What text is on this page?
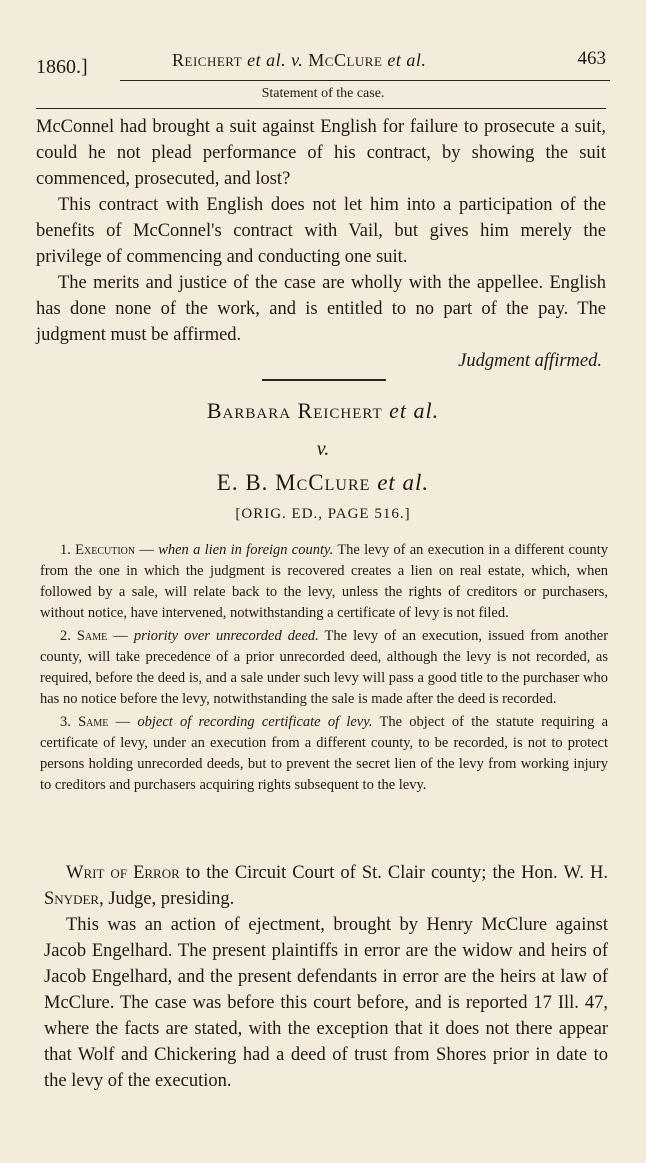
1860.]	Reichert et al. v. McClure et al.	463
Statement of the case.

McConnel had brought a suit against English for failure to prosecute a suit, could he not plead performance of his contract, by showing the suit commenced, prosecuted, and lost?

This contract with English does not let him into a participation of the benefits of McConnel's contract with Vail, but gives him merely the privilege of commencing and conducting one suit.

The merits and justice of the case are wholly with the appellee. English has done none of the work, and is entitled to no part of the pay. The judgment must be affirmed.

Judgment affirmed.

Barbara Reichert et al.
v.
E. B. McClure et al.
[ORIG. ED., PAGE 516.]

1. Execution — when a lien in foreign county. The levy of an execution in a different county from the one in which the judgment is recovered creates a lien on real estate, which, when followed by a sale, will relate back to the levy, unless the rights of creditors or purchasers, without notice, have intervened, notwithstanding a certificate of levy is not filed.

2. Same — priority over unrecorded deed. The levy of an execution, issued from another county, will take precedence of a prior unrecorded deed, although the levy is not recorded, as required, before the deed is, and a sale under such levy will pass a good title to the purchaser who has no notice before the levy, notwithstanding the sale is made after the deed is recorded.

3. Same — object of recording certificate of levy. The object of the statute requiring a certificate of levy, under an execution from a different county, to be recorded, is not to protect persons holding unrecorded deeds, but to prevent the secret lien of the levy from working injury to creditors and purchasers acquiring rights subsequent to the levy.

Writ of Error to the Circuit Court of St. Clair county; the Hon. W. H. Snyder, Judge, presiding.

This was an action of ejectment, brought by Henry McClure against Jacob Engelhard. The present plaintiffs in error are the widow and heirs of Jacob Engelhard, and the present defendants in error are the heirs at law of McClure. The case was before this court before, and is reported 17 Ill. 47, where the facts are stated, with the exception that it does not there appear that Wolf and Chickering had a deed of trust from Shores prior in date to the levy of the execution.
